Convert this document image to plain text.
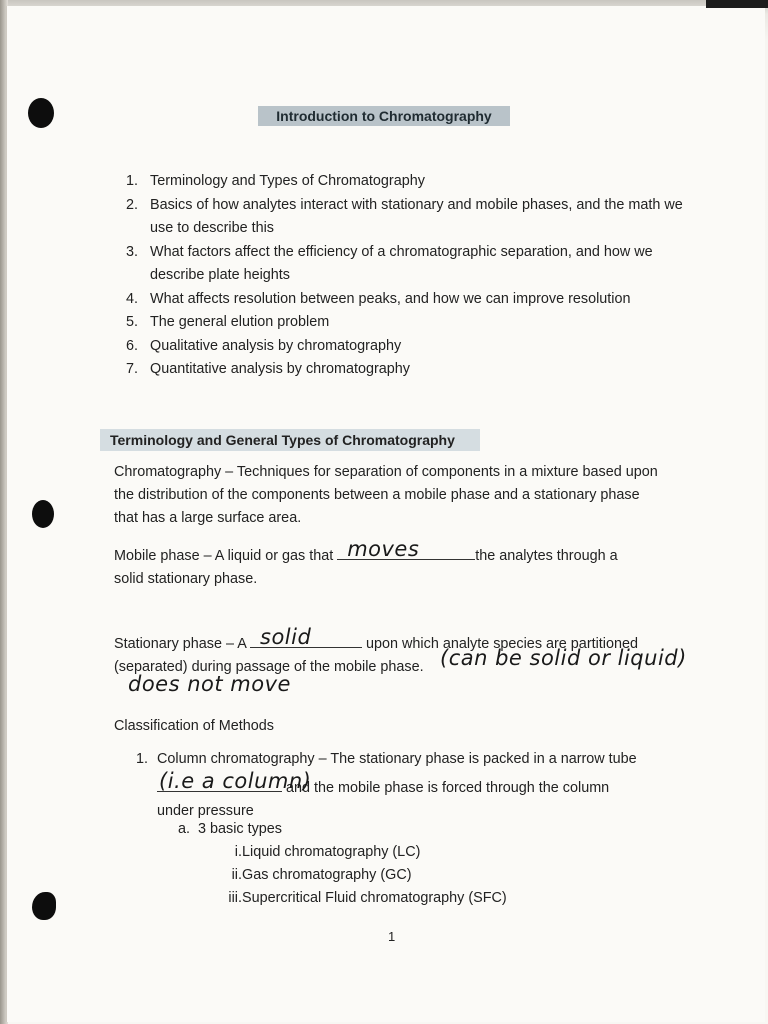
Introduction to Chromatography
1. Terminology and Types of Chromatography
2. Basics of how analytes interact with stationary and mobile phases, and the math we use to describe this
3. What factors affect the efficiency of a chromatographic separation, and how we describe plate heights
4. What affects resolution between peaks, and how we can improve resolution
5. The general elution problem
6. Qualitative analysis by chromatography
7. Quantitative analysis by chromatography
Terminology and General Types of Chromatography
Chromatography – Techniques for separation of components in a mixture based upon the distribution of the components between a mobile phase and a stationary phase that has a large surface area.
Mobile phase – A liquid or gas that moves	the analytes through a
solid stationary phase.
Stationary phase – A solid	upon which analyte species are partitioned
(separated) during passage of the mobile phase. (can be solid or liquid)
does not move
Classification of Methods
1. Column chromatography – The stationary phase is packed in a narrow tube

(i.e a column)
and the mobile phase is forced through the column
under pressure
a. 3 basic types
i.Liquid chromatography (LC)
ii.Gas chromatography (GC)
iii.Supercritical Fluid chromatography (SFC)
1
